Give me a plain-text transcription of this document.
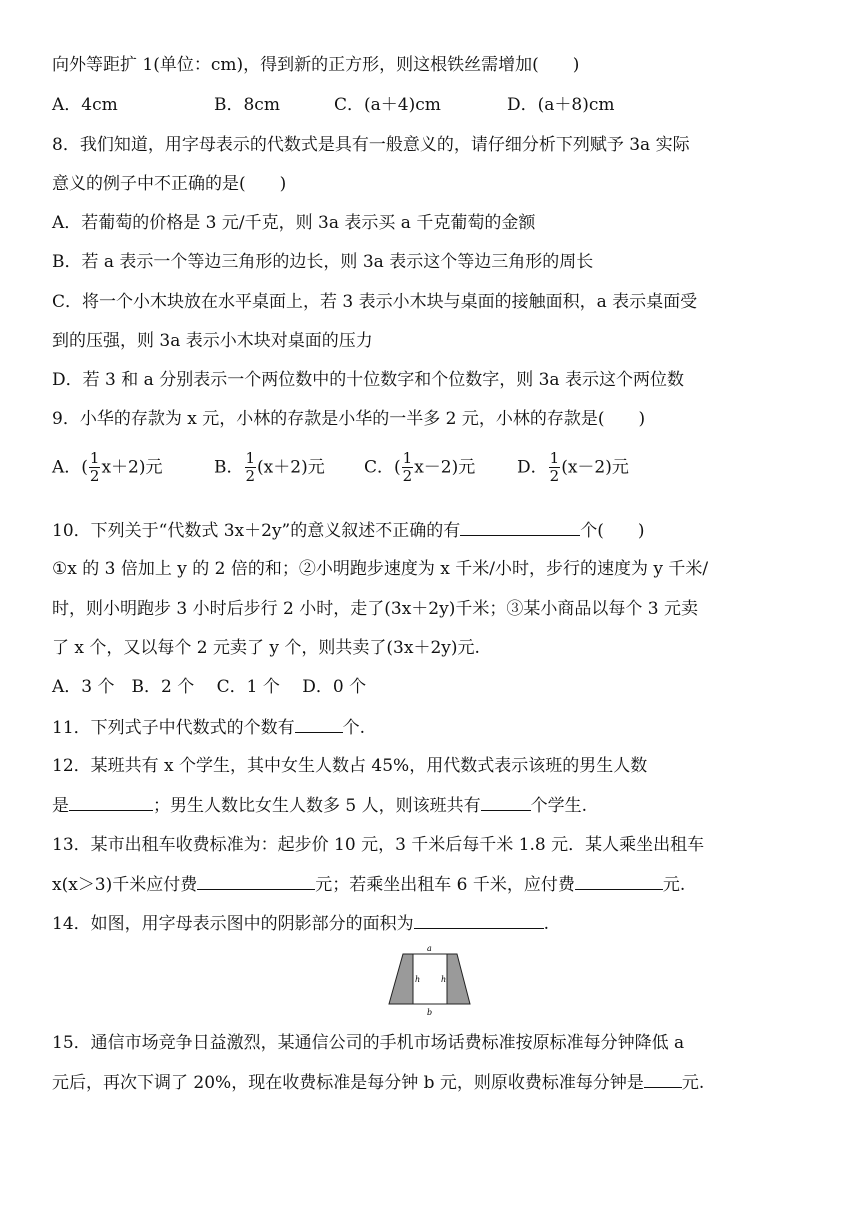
向外等距扩 1(单位：cm)，得到新的正方形，则这根铁丝需增加(　　)
A．4cm	B．8cm	C．(a＋4)cm	D．(a＋8)cm
8．我们知道，用字母表示的代数式是具有一般意义的，请仔细分析下列赋予 3a 实际
意义的例子中不正确的是(　　)
A．若葡萄的价格是 3 元/千克，则 3a 表示买 a 千克葡萄的金额
B．若 a 表示一个等边三角形的边长，则 3a 表示这个等边三角形的周长
C．将一个小木块放在水平桌面上，若 3 表示小木块与桌面的接触面积，a 表示桌面受
到的压强，则 3a 表示小木块对桌面的压力
D．若 3 和 a 分别表示一个两位数中的十位数字和个位数字，则 3a 表示这个两位数
9．小华的存款为 x 元，小林的存款是小华的一半多 2 元，小林的存款是(　　)
A．( $\frac{1}{2} x+2$)元	B． $\frac{1}{2} (x+2)$元 C．( $\frac{1}{2} x-2$)元 D． $\frac{1}{2} (x-2)$元
10．下列关于“代数式 3x＋2y”的意义叙述不正确的有	个(　　)
①x 的 3 倍加上 y 的 2 倍的和；②小明跑步速度为 x 千米/小时，步行的速度为 y 千米/
时，则小明跑步 3 小时后步行 2 小时，走了(3x＋2y)千米；③某小商品以每个 3 元卖
了 x 个，又以每个 2 元卖了 y 个，则共卖了(3x＋2y)元.
A．3 个　B．2 个　 C．1 个　 D．0 个
11．下列式子中代数式的个数有	个.
12．某班共有 x 个学生，其中女生人数占 45%，用代数式表示该班的男生人数
是	；男生人数比女生人数多 5 人，则该班共有	个学生.
13．某市出租车收费标准为：起步价 10 元，3 千米后每千米 1.8 元．某人乘坐出租车
x(x＞3)千米应付费	元；若乘坐出租车 6 千米，应付费	元.
14．如图，用字母表示图中的阴影部分的面积为	.
a
b
h	h
15．通信市场竞争日益激烈，某通信公司的手机市场话费标准按原标准每分钟降低 a
元后，再次下调了 20%，现在收费标准是每分钟 b 元，则原收费标准每分钟是 元.
